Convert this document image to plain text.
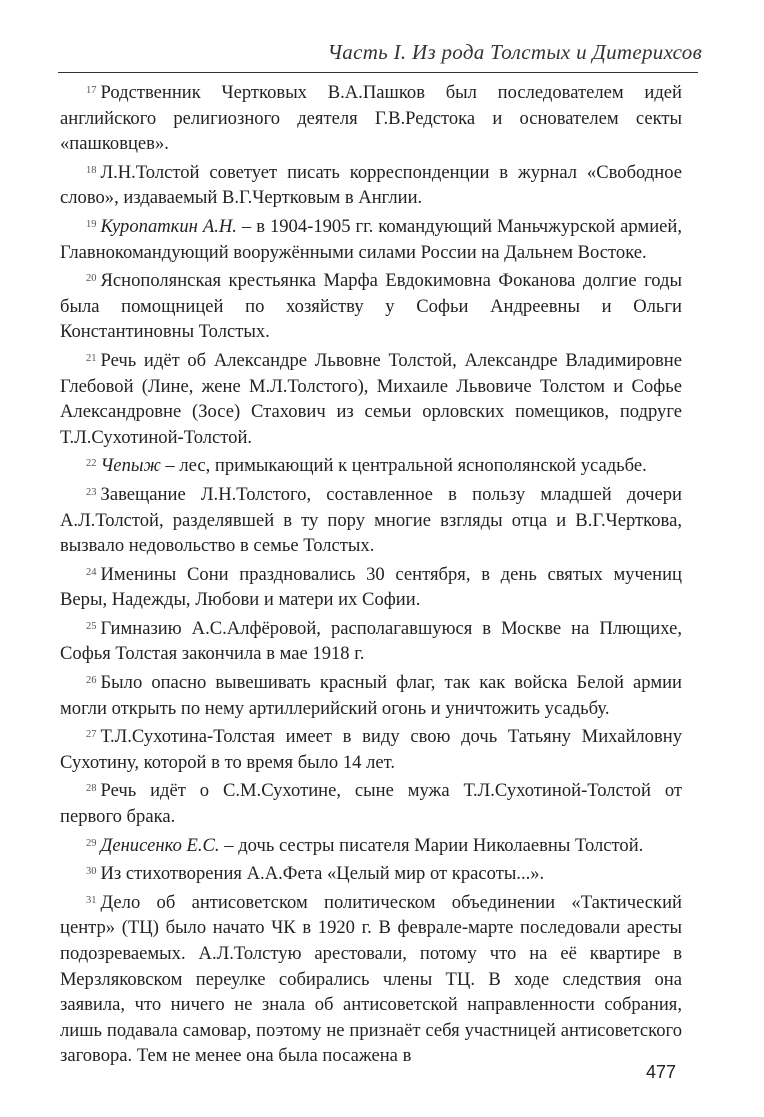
Часть I. Из рода Толстых и Дитерихсов

$^{17}$ Родственник Чертковых В.А.Пашков был последователем идей английского религиозного деятеля Г.В.Редстока и основателем секты «пашковцев».

$^{18}$ Л.Н.Толстой советует писать корреспонденции в журнал «Свободное слово», издаваемый В.Г.Чертковым в Англии.

$^{19}$ Куропаткин А.Н. – в 1904-1905 гг. командующий Маньчжурской армией, Главнокомандующий вооружёнными силами России на Дальнем Востоке.

$^{20}$ Яснополянская крестьянка Марфа Евдокимовна Фоканова долгие годы была помощницей по хозяйству у Софьи Андреевны и Ольги Константиновны Толстых.

$^{21}$ Речь идёт об Александре Львовне Толстой, Александре Владимировне Глебовой (Лине, жене М.Л.Толстого), Михаиле Львовиче Толстом и Софье Александровне (Зосе) Стахович из семьи орловских помещиков, подруге Т.Л.Сухотиной-Толстой.

$^{22}$ Чепыж – лес, примыкающий к центральной яснополянской усадьбе.

$^{23}$ Завещание Л.Н.Толстого, составленное в пользу младшей дочери А.Л.Толстой, разделявшей в ту пору многие взгляды отца и В.Г.Черткова, вызвало недовольство в семье Толстых.

$^{24}$ Именины Сони праздновались 30 сентября, в день святых мучениц Веры, Надежды, Любови и матери их Софии.

$^{25}$ Гимназию А.С.Алфёровой, располагавшуюся в Москве на Плющихе, Софья Толстая закончила в мае 1918 г.

$^{26}$ Было опасно вывешивать красный флаг, так как войска Белой армии могли открыть по нему артиллерийский огонь и уничтожить усадьбу.

$^{27}$ Т.Л.Сухотина-Толстая имеет в виду свою дочь Татьяну Михайловну Сухотину, которой в то время было 14 лет.

$^{28}$ Речь идёт о С.М.Сухотине, сыне мужа Т.Л.Сухотиной-Толстой от первого брака.

$^{29}$ Денисенко Е.С. – дочь сестры писателя Марии Николаевны Толстой.

$^{30}$ Из стихотворения А.А.Фета «Целый мир от красоты...».

$^{31}$ Дело об антисоветском политическом объединении «Тактический центр» (ТЦ) было начато ЧК в 1920 г. В феврале-марте последовали аресты подозреваемых. А.Л.Толстую арестовали, потому что на её квартире в Мерзляковском переулке собирались члены ТЦ. В ходе следствия она заявила, что ничего не знала об антисоветской направленности собрания, лишь подавала самовар, поэтому не признаёт себя участницей антисоветского заговора. Тем не менее она была посажена в

477
